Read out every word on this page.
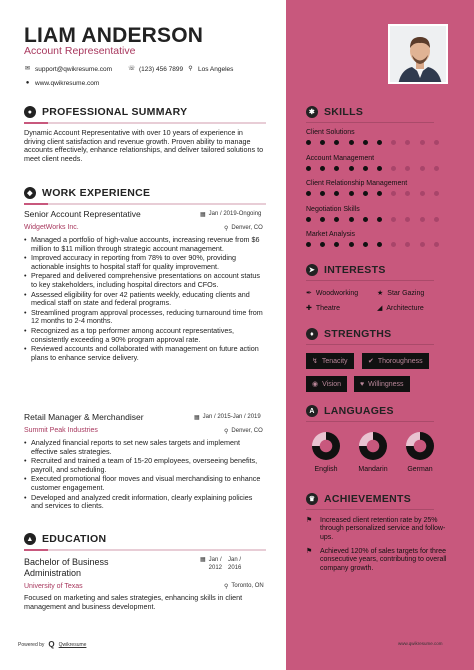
LIAM ANDERSON
Account Representative
✉ support@qwikresume.com	☏ (123) 456 7899 ⚲ Los Angeles
● www.qwikresume.com
● PROFESSIONAL SUMMARY
Dynamic Account Representative with over 10 years of experience in driving client satisfaction and revenue growth. Proven ability to manage accounts effectively, enhance relationships, and deliver tailored solutions to meet client needs.
◆ WORK EXPERIENCE
Senior Account Representative	▦ Jan / 2019-Ongoing
WidgetWorks Inc.	⚲ Denver, CO
• Managed a portfolio of high-value accounts, increasing revenue from $6 million to $11 million through strategic account management.
• Improved accuracy in reporting from 78% to over 90%, providing actionable insights to hospital staff for quality improvement.
• Prepared and delivered comprehensive presentations on account status to key stakeholders, including hospital directors and CFOs.
• Assessed eligibility for over 42 patients weekly, educating clients and medical staff on state and federal programs.
• Streamlined program approval processes, reducing turnaround time from 12 months to 2-4 months.
• Recognized as a top performer among account representatives, consistently exceeding a 90% program approval rate.
• Reviewed accounts and collaborated with management on future action plans to enhance service delivery.
Retail Manager & Merchandiser	▦ Jan / 2015-Jan / 2019
Summit Peak Industries	⚲ Denver, CO
• Analyzed financial reports to set new sales targets and implement effective sales strategies.
• Recruited and trained a team of 15-20 employees, overseeing benefits, payroll, and scheduling.
• Executed promotional floor moves and visual merchandising to enhance customer engagement.
• Developed and analyzed credit information, clearly explaining policies and services to clients.
▲ EDUCATION
Bachelor of Business
Administration
▦ Jan /
2012
Jan /
2016
University of Texas	⚲ Toronto, ON
Focused on marketing and sales strategies, enhancing skills in client management and business development.
✱ SKILLS
Client Solutions
Account Management
Client Relationship Management
Negotiation Skills
Market Analysis
➤ INTERESTS
✒ Woodworking	★ Star Gazing
✚ Theatre	◢ Architecture
♦ STRENGTHS
↯ Tenacity	✔ Thoroughness
◉ Vision	♥ Willingness
A LANGUAGES
English	Mandarin	German
♛ ACHIEVEMENTS
⚑ Increased client retention rate by 25% through personalized service and follow-ups.
⚑ Achieved 120% of sales targets for three consecutive years, contributing to overall company growth.
Powered by Q Qwikresume	www.qwikresume.com
